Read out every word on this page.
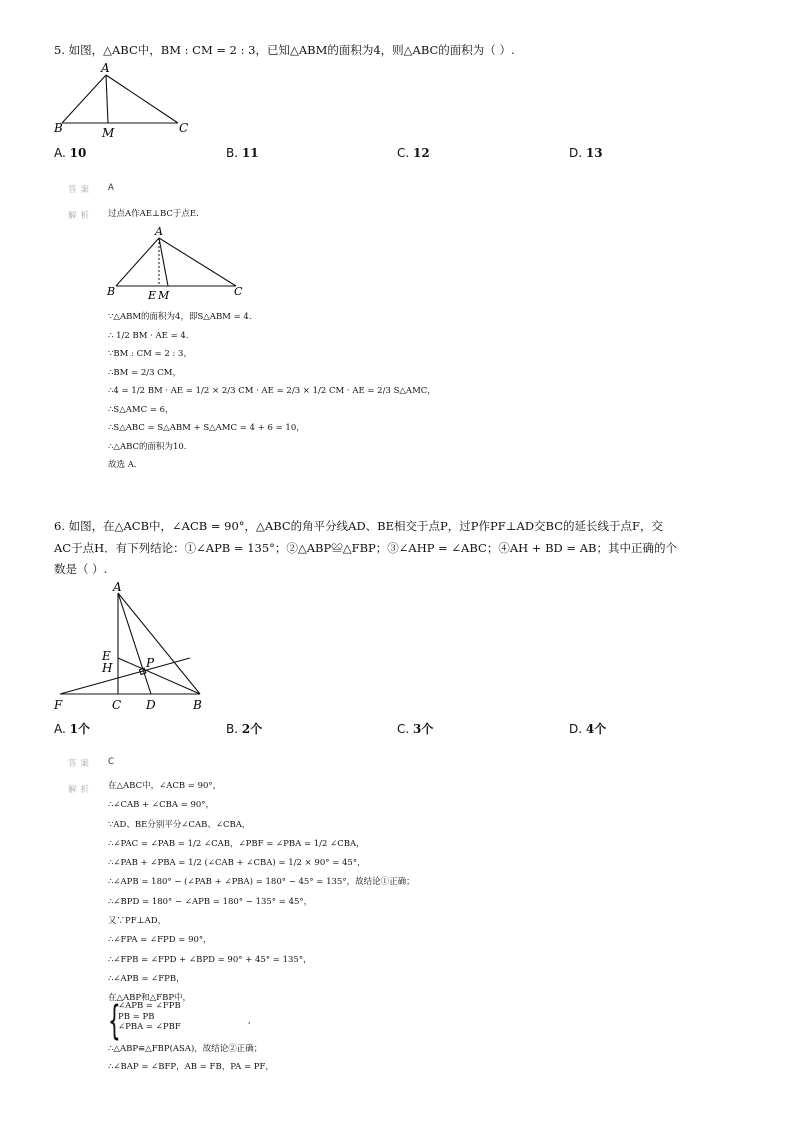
5. 如图，△ABC中，BM : CM = 2 : 3，已知△ABM的面积为4，则△ABC的面积为（ ）.
A
B	M	C
A. 10	B. 11	C. 12	D. 13
答案 A
解析 过点A作AE⊥BC于点E.
A
B	E M	C
∵△ABM的面积为4，即S△ABM = 4.
∴ 1/2 BM · AE = 4.
∵BM : CM = 2 : 3，
∴BM = 2/3 CM，
∴4 = 1/2 BM · AE = 1/2 × 2/3 CM · AE = 2/3 × 1/2 CM · AE = 2/3 S△AMC，
∴S△AMC = 6，
∴S△ABC = S△ABM + S△AMC = 4 + 6 = 10，
∴△ABC的面积为10.
故选 A.
6. 如图，在△ACB中，∠ACB = 90°，△ABC的角平分线AD、BE相交于点P，过P作PF⊥AD交BC的延长线于点F，交
AC于点H．有下列结论：①∠APB = 135°；②△ABP≌△FBP；③∠AHP = ∠ABC；④AH + BD = AB；其中正确的个
数是（ ）.
A
E
H	P
F	C D	B
A. 1个	B. 2个	C. 3个	D. 4个
答案 C
解析 在△ABC中，∠ACB = 90°，
∴∠CAB + ∠CBA = 90°，
∵AD、BE分别平分∠CAB、∠CBA，
∴∠PAC = ∠PAB = 1/2 ∠CAB，∠PBF = ∠PBA = 1/2 ∠CBA，
∴∠PAB + ∠PBA = 1/2 (∠CAB + ∠CBA) = 1/2 × 90° = 45°，
∴∠APB = 180° − (∠PAB + ∠PBA) = 180° − 45° = 135°，故结论①正确；
∴∠BPD = 180° − ∠APB = 180° − 135° = 45°，
又∵PF⊥AD，
∴∠FPA = ∠FPD = 90°，
∴∠FPB = ∠FPD + ∠BPD = 90° + 45° = 135°，
∴∠APB = ∠FPB，
在△ABP和△FBP中，
{
∠APB = ∠FPB
PB = PB
∠PBA = ∠PBF
,
∴△ABP≌△FBP(ASA)，故结论②正确；
∴∠BAP = ∠BFP，AB = FB，PA = PF，
